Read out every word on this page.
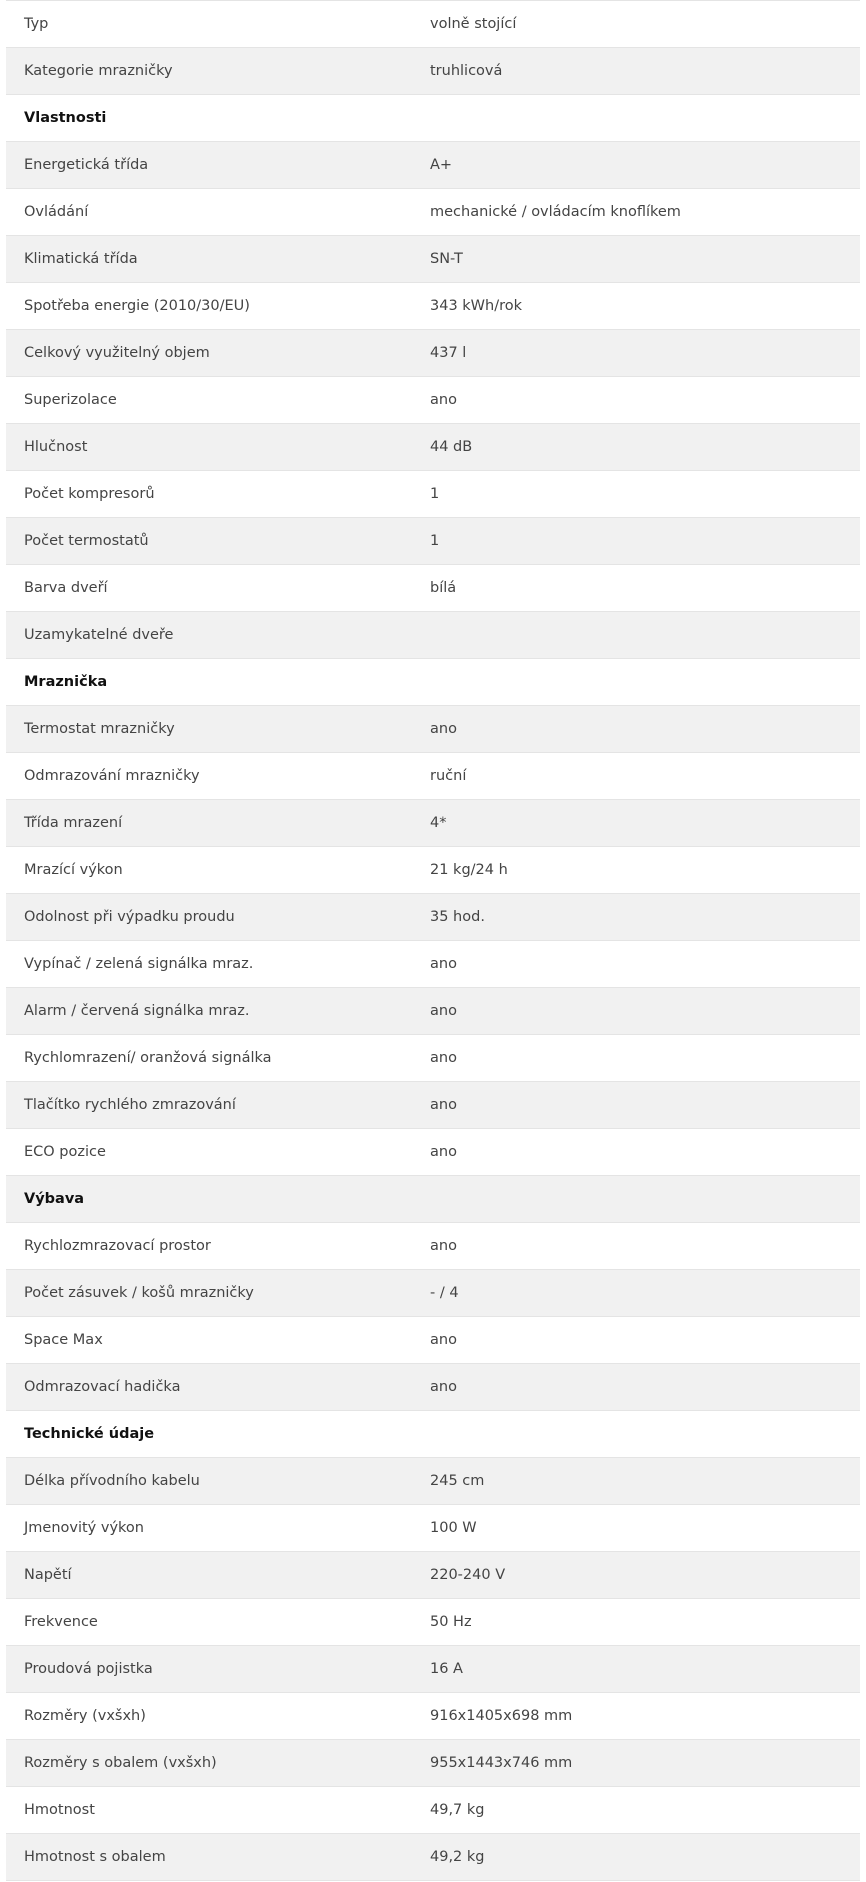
Typ	volně stojící
Kategorie mrazničky	truhlicová
Vlastnosti
Energetická třída	A+
Ovládání	mechanické / ovládacím knoflíkem
Klimatická třída	SN-T
Spotřeba energie (2010/30/EU)	343 kWh/rok
Celkový využitelný objem	437 l
Superizolace	ano
Hlučnost	44 dB
Počet kompresorů	1
Počet termostatů	1
Barva dveří	bílá
Uzamykatelné dveře
Mraznička
Termostat mrazničky	ano
Odmrazování mrazničky	ruční
Třída mrazení	4*
Mrazící výkon	21 kg/24 h
Odolnost při výpadku proudu	35 hod.
Vypínač / zelená signálka mraz.	ano
Alarm / červená signálka mraz.	ano
Rychlomrazení/ oranžová signálka	ano
Tlačítko rychlého zmrazování	ano
ECO pozice	ano
Výbava
Rychlozmrazovací prostor	ano
Počet zásuvek / košů mrazničky	- / 4
Space Max	ano
Odmrazovací hadička	ano
Technické údaje
Délka přívodního kabelu	245 cm
Jmenovitý výkon	100 W
Napětí	220-240 V
Frekvence	50 Hz
Proudová pojistka	16 A
Rozměry (vxšxh)	916x1405x698 mm
Rozměry s obalem (vxšxh)	955x1443x746 mm
Hmotnost	49,7 kg
Hmotnost s obalem	49,2 kg
